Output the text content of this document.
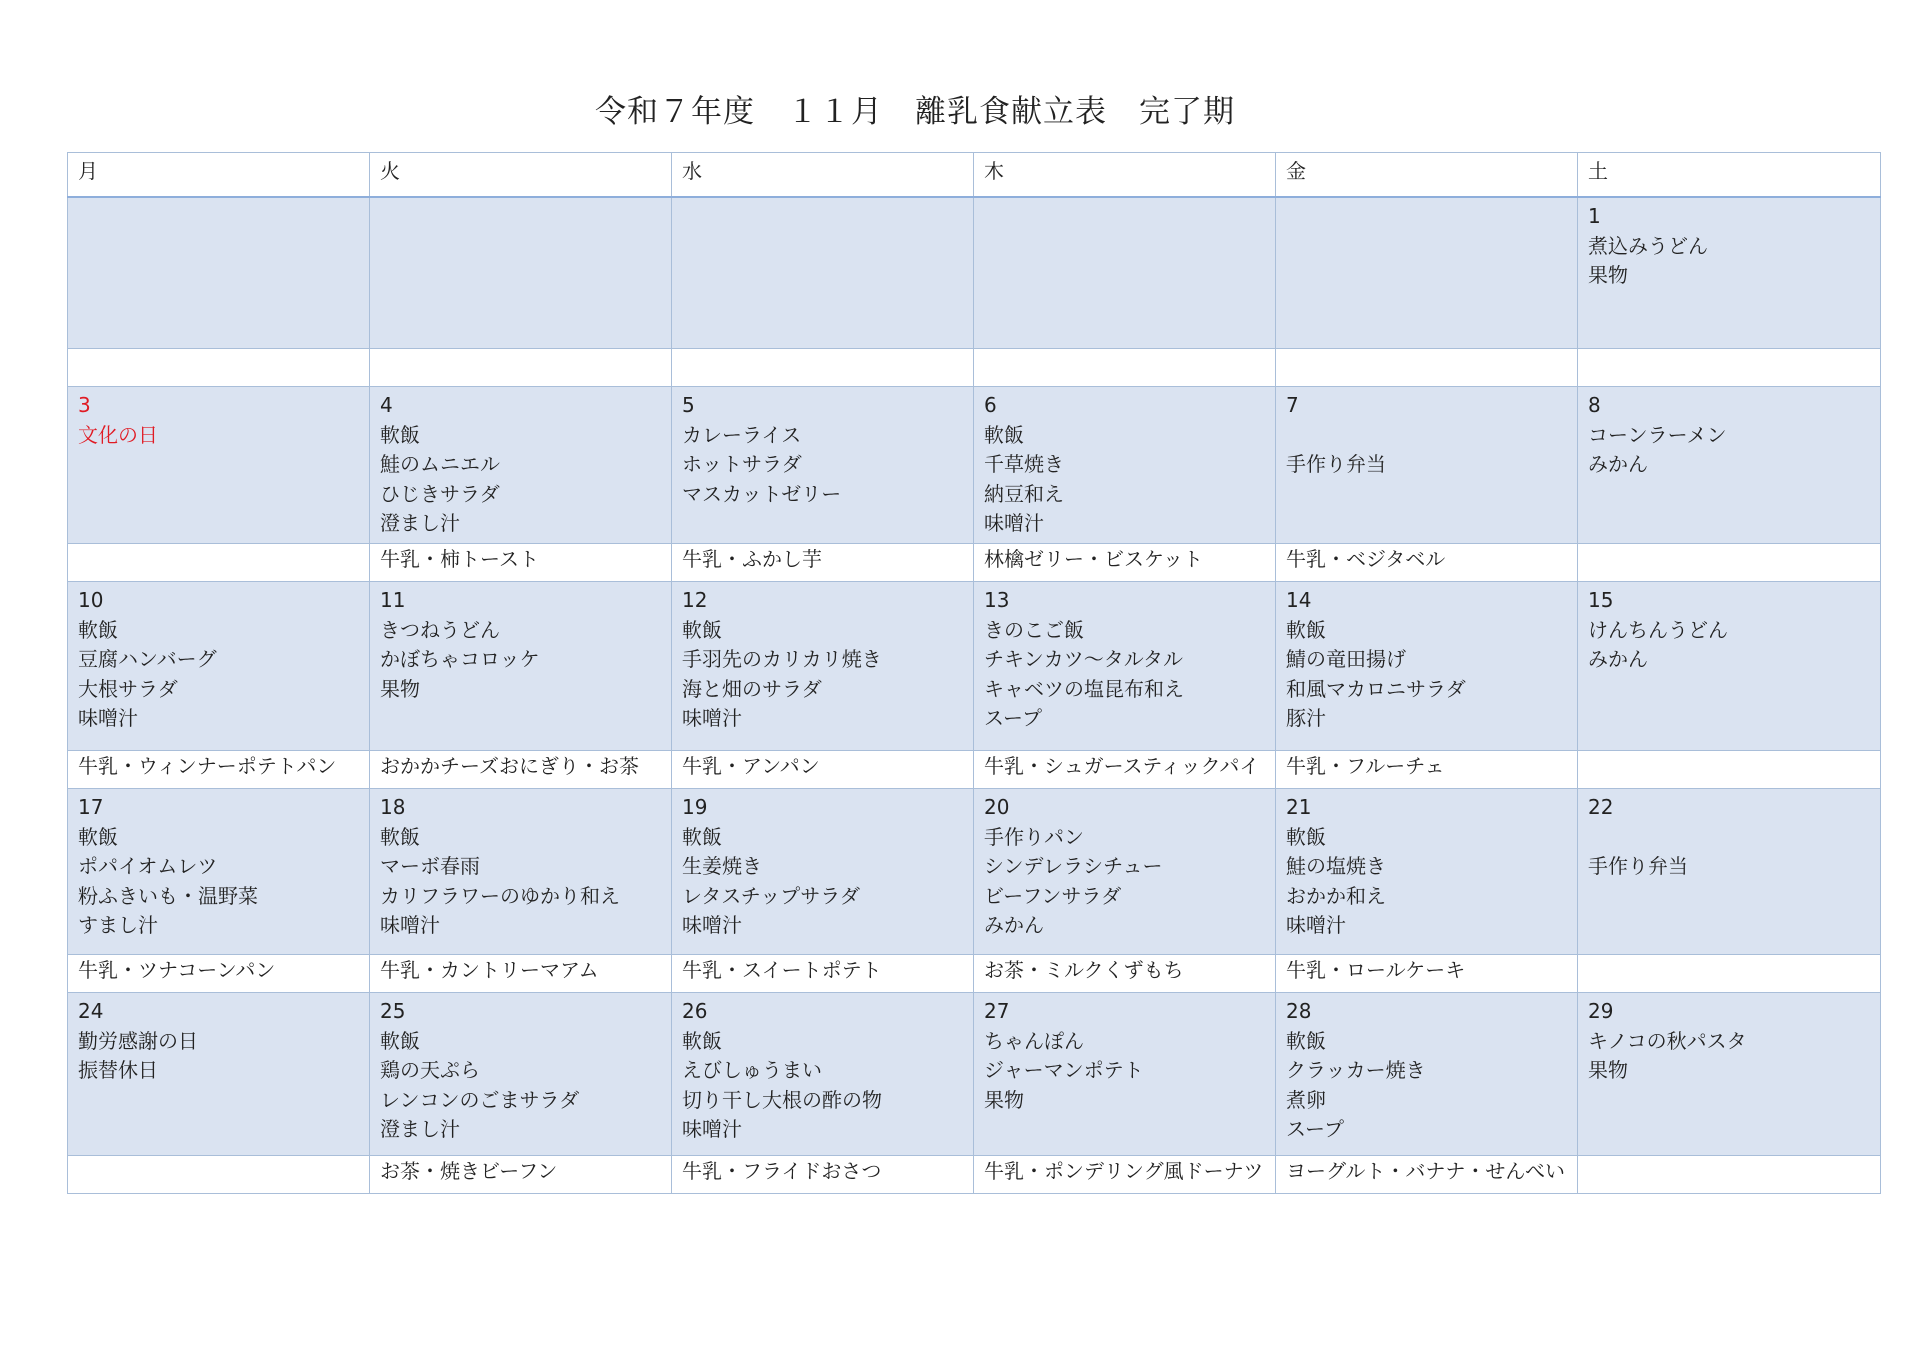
令和７年度　１１月　離乳食献立表　完了期
月	火	水	木	金	土

					1
煮込みうどん
果物

3
文化の日	4
軟飯
鮭のムニエル
ひじきサラダ
澄まし汁	5
カレーライス
ホットサラダ
マスカットゼリー	6
軟飯
千草焼き
納豆和え
味噌汁	7

手作り弁当	8
コーンラーメン
みかん

	牛乳・柿トースト	牛乳・ふかし芋	林檎ゼリー・ビスケット	牛乳・ベジタベル	

10
軟飯
豆腐ハンバーグ
大根サラダ
味噌汁	11
きつねうどん
かぼちゃコロッケ
果物	12
軟飯
手羽先のカリカリ焼き
海と畑のサラダ
味噌汁	13
きのこご飯
チキンカツ～タルタル
キャベツの塩昆布和え
スープ	14
軟飯
鯖の竜田揚げ
和風マカロニサラダ
豚汁	15
けんちんうどん
みかん

牛乳・ウィンナーポテトパン	おかかチーズおにぎり・お茶	牛乳・アンパン	牛乳・シュガースティックパイ	牛乳・フルーチェ	

17
軟飯
ポパイオムレツ
粉ふきいも・温野菜
すまし汁	18
軟飯
マーボ春雨
カリフラワーのゆかり和え
味噌汁	19
軟飯
生姜焼き
レタスチップサラダ
味噌汁	20
手作りパン
シンデレラシチュー
ビーフンサラダ
みかん	21
軟飯
鮭の塩焼き
おかか和え
味噌汁	22

手作り弁当

牛乳・ツナコーンパン	牛乳・カントリーマアム	牛乳・スイートポテト	お茶・ミルクくずもち	牛乳・ロールケーキ	

24
勤労感謝の日
振替休日	25
軟飯
鶏の天ぷら
レンコンのごまサラダ
澄まし汁	26
軟飯
えびしゅうまい
切り干し大根の酢の物
味噌汁	27
ちゃんぽん
ジャーマンポテト
果物	28
軟飯
クラッカー焼き
煮卵
スープ	29
キノコの秋パスタ
果物

	お茶・焼きビーフン	牛乳・フライドおさつ	牛乳・ポンデリング風ドーナツ	ヨーグルト・バナナ・せんべい	
